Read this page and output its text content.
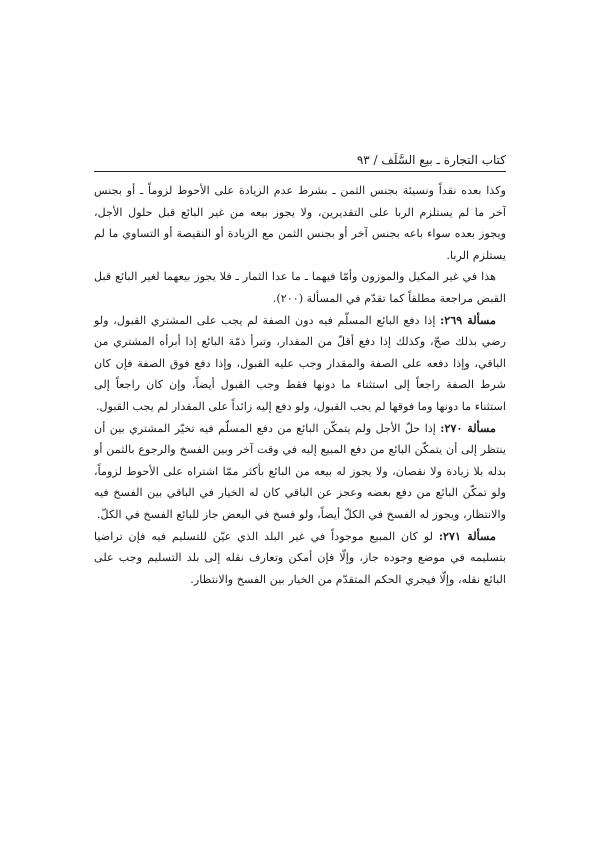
كتاب التجارة ـ بيع السَّلَف / ٩٣

وكذا بعده نقداً ونسيئة بجنس الثمن ـ بشرط عدم الزيادة على الأحوط لزوماً ـ أو بجنس آخر ما لم يستلزم الربا على التقديرين، ولا يجوز بيعه من غير البائع قبل حلول الأجل، ويجوز بعده سواء باعه بجنس آخر أو بجنس الثمن مع الزيادة أو النقيصة أو التساوي ما لم يستلزم الربا.

هذا في غير المكيل والموزون وأمّا فيهما ـ ما عدا الثمار ـ فلا يجوز بيعهما لغير البائع قبل القبض مراجعة مطلقاً كما تقدّم في المسألة (٢٠٠).

مسألة ٢٦٩: إذا دفع البائع المسلّم فيه دون الصفة لم يجب على المشتري القبول، ولو رضي بذلك صحّ، وكذلك إذا دفع أقلّ من المقدار، وتبرأ ذمّة البائع إذا أبرأه المشتري من الباقي، وإذا دفعه على الصفة والمقدار وجب عليه القبول، وإذا دفع فوق الصفة فإن كان شرط الصفة راجعاً إلى استثناء ما دونها فقط وجب القبول أيضاً، وإن كان راجعاً إلى استثناء ما دونها وما فوقها لم يجب القبول، ولو دفع إليه زائداً على المقدار لم يجب القبول.

مسألة ٢٧٠: إذا حلّ الأجل ولم يتمكّن البائع من دفع المسلّم فيه تخيّر المشتري بين أن ينتظر إلى أن يتمكّن البائع من دفع المبيع إليه في وقت آخر وبين الفسخ والرجوع بالثمن أو بدله بلا زيادة ولا نقصان، ولا يجوز له بيعه من البائع بأكثر ممّا اشتراه على الأحوط لزوماً، ولو تمكّن البائع من دفع بعضه وعجز عن الباقي كان له الخيار في الباقي بين الفسخ فيه والانتظار، ويجوز له الفسخ في الكلّ أيضاً، ولو فسخ في البعض جاز للبائع الفسخ في الكلّ.

مسألة ٢٧١: لو كان المبيع موجوداً في غير البلد الذي عيّن للتسليم فيه فإن تراضيا بتسليمه في موضع وجوده جاز، وإلّا فإن أمكن وتعارف نقله إلى بلد التسليم وجب على البائع نقله، وإلّا فيجري الحكم المتقدّم من الخيار بين الفسخ والانتظار.
